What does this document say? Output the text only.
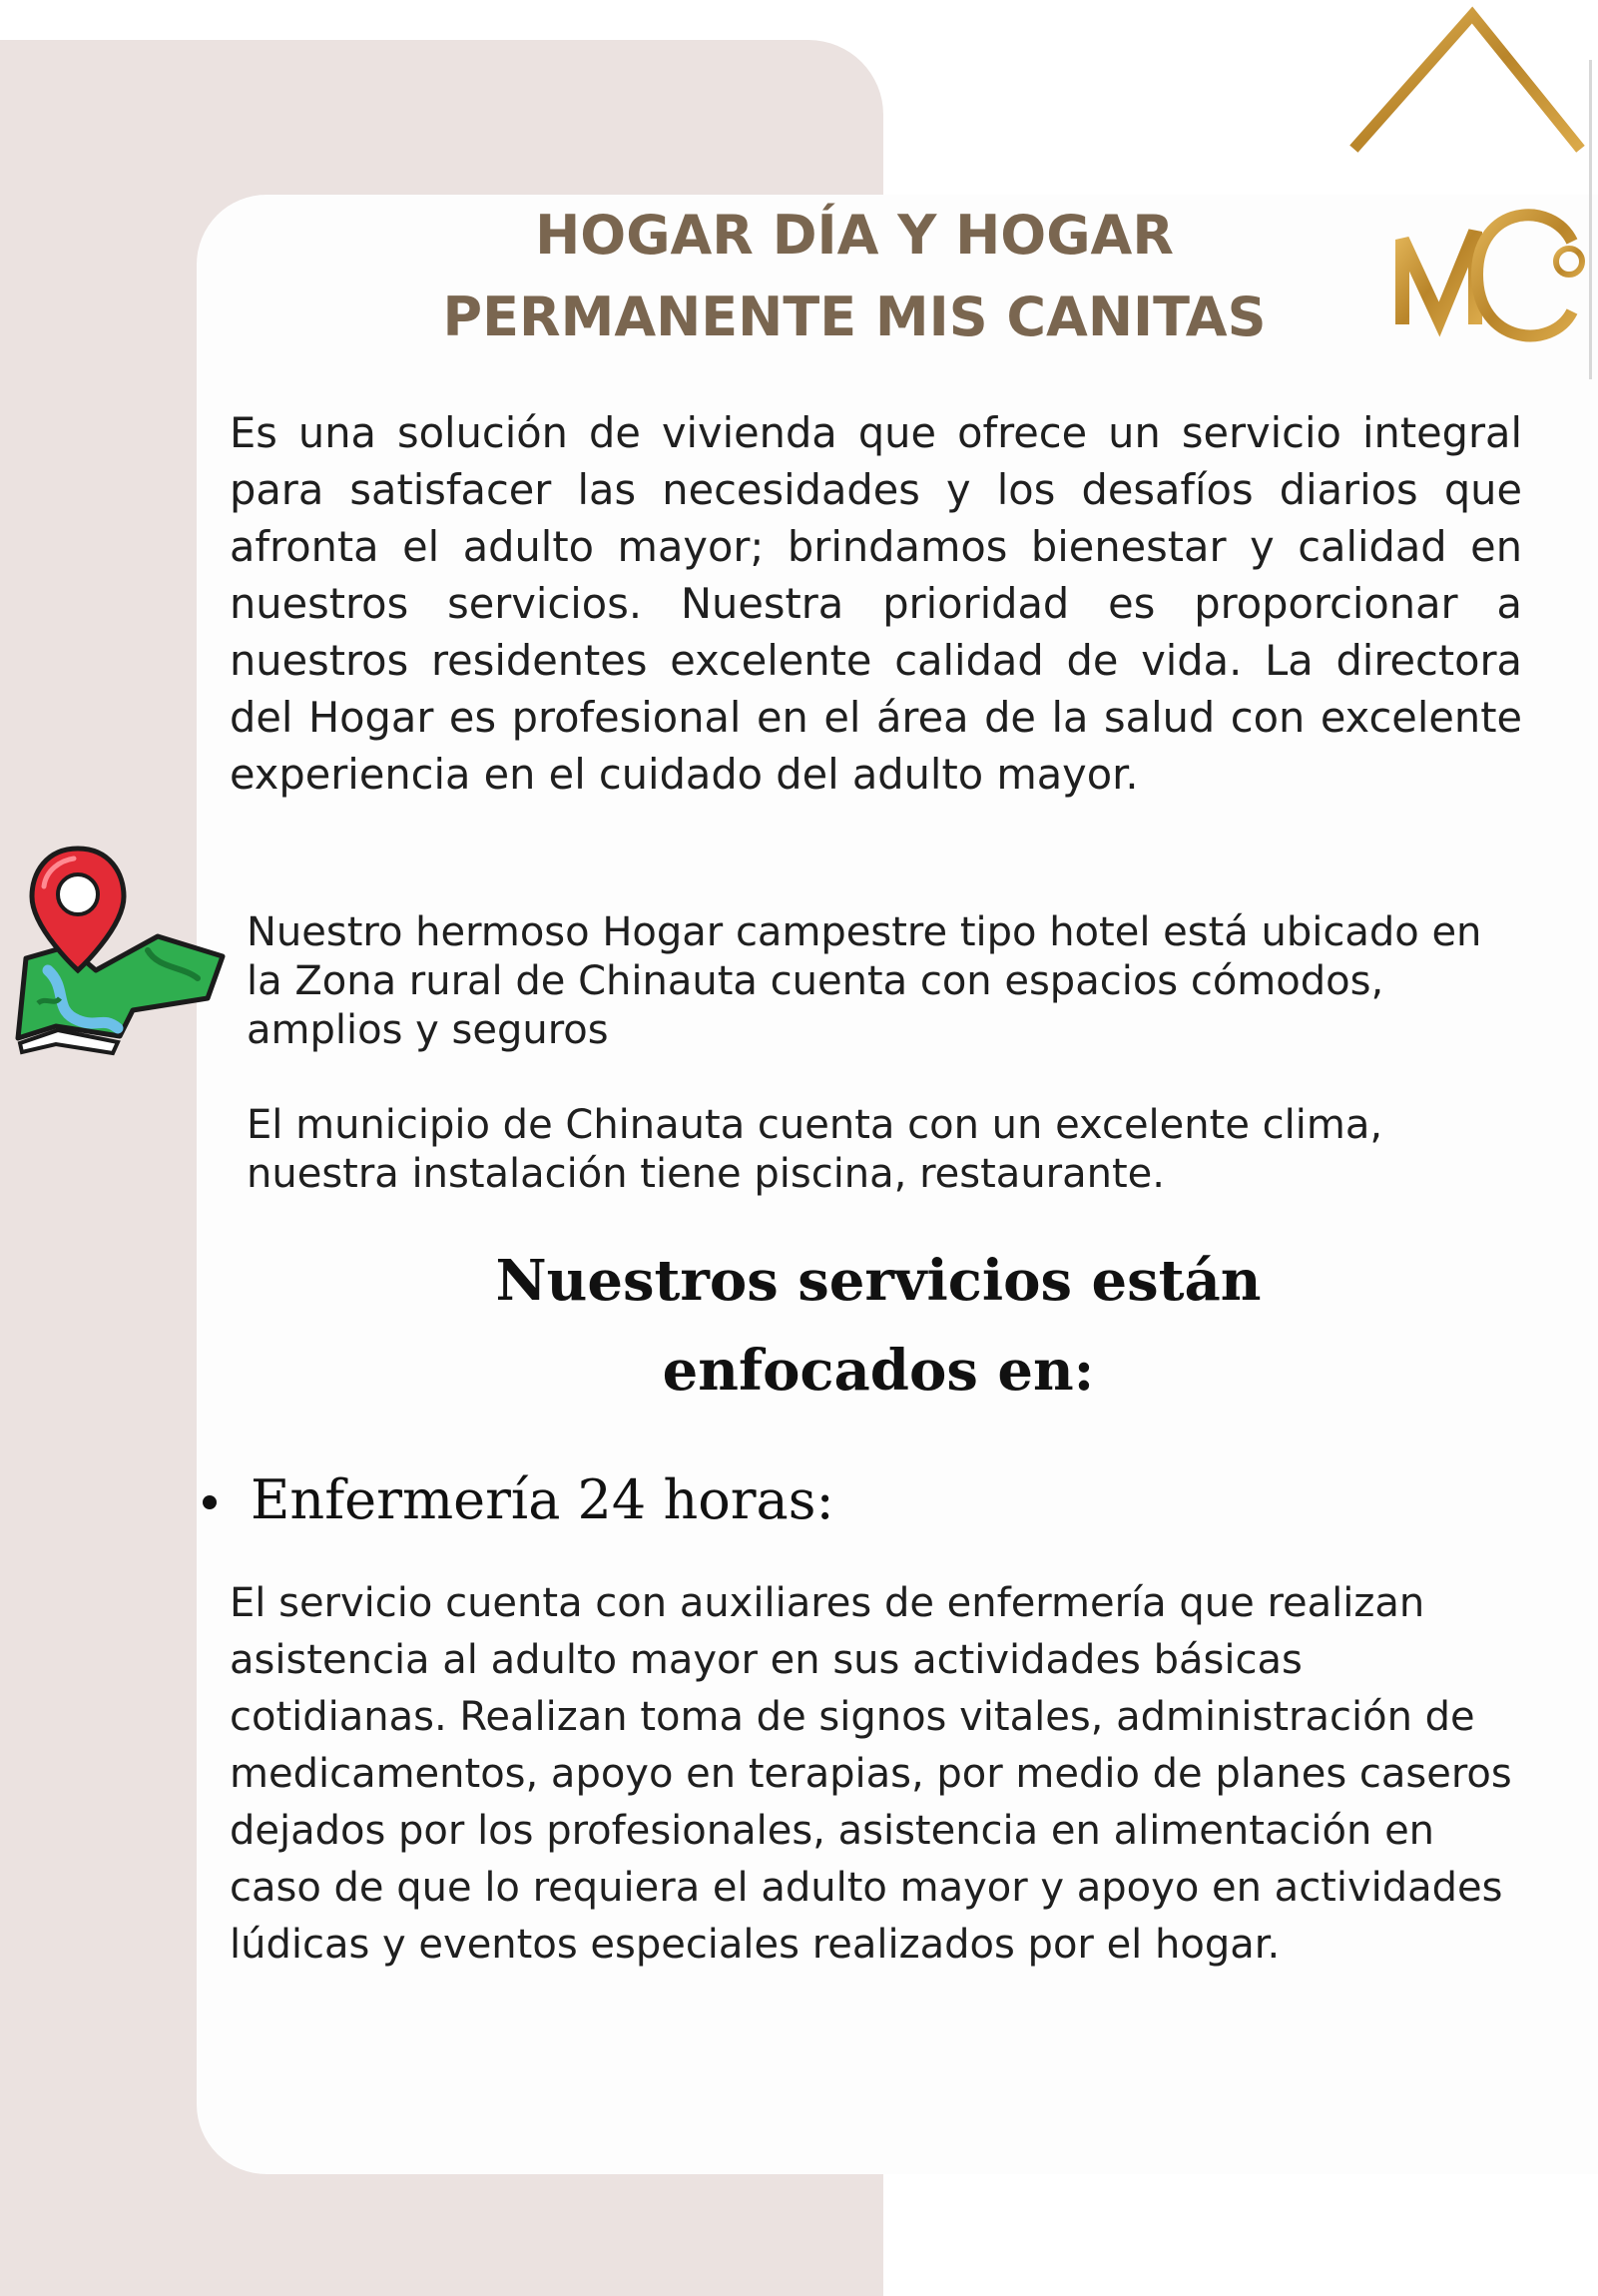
HOGAR DÍA Y HOGAR
PERMANENTE MIS CANITAS

Es una solución de vivienda que ofrece un servicio integral para satisfacer las necesidades y los desafíos diarios que afronta el adulto mayor; brindamos bienestar y calidad en nuestros servicios. Nuestra prioridad es proporcionar a nuestros residentes excelente calidad de vida. La directora del Hogar es profesional en el área de la salud con excelente experiencia en el cuidado del adulto mayor.

Nuestro hermoso Hogar campestre tipo hotel está ubicado en la Zona rural de Chinauta cuenta con espacios cómodos, amplios y seguros

El municipio de Chinauta cuenta con un excelente clima, nuestra instalación tiene piscina, restaurante.

Nuestros servicios están
enfocados en:
Enfermería 24 horas:

El servicio cuenta con auxiliares de enfermería que realizan asistencia al adulto mayor en sus actividades básicas cotidianas. Realizan toma de signos vitales, administración de medicamentos, apoyo en terapias, por medio de planes caseros dejados por los profesionales, asistencia en alimentación en caso de que lo requiera el adulto mayor y apoyo en actividades lúdicas y eventos especiales realizados por el hogar.
